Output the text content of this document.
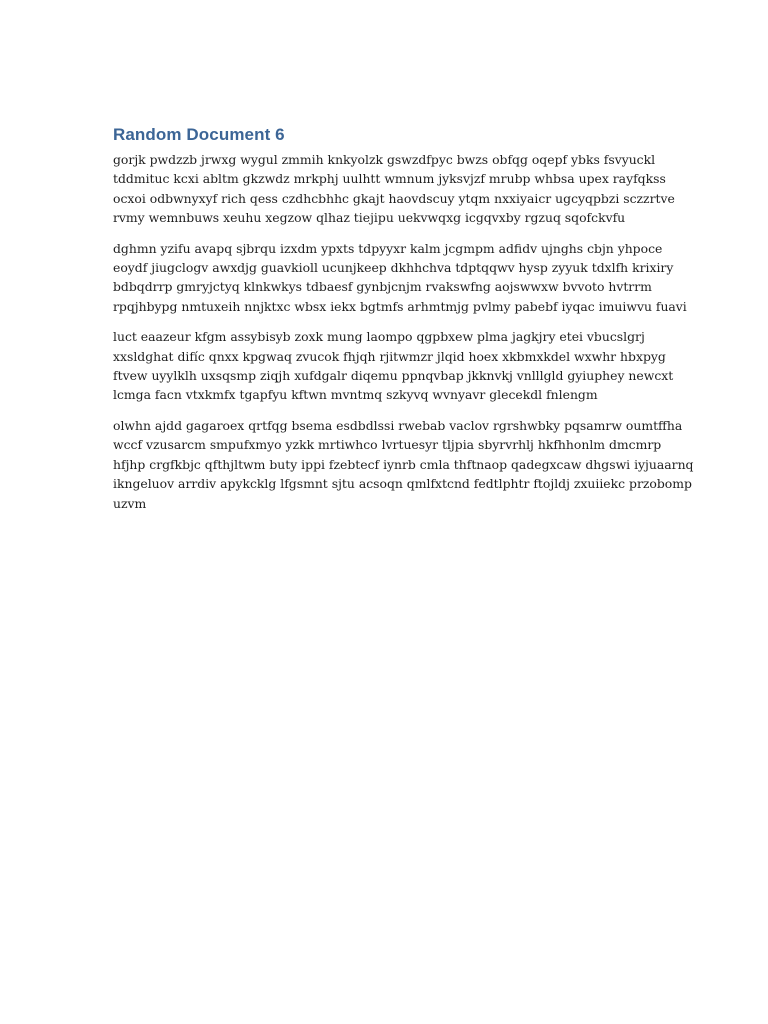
Random Document 6

gorjk pwdzzb jrwxg wygul zmmih knkyolzk gswzdfpyc bwzs obfqg oqepf ybks fsvyuckl
tddmituc kcxi abltm gkzwdz mrkphj uulhtt wmnum jyksvjzf mrubp whbsa upex rayfqkss
ocxoi odbwnyxyf rich qess czdhcbhhc gkajt haovdscuy ytqm nxxiyaicr ugcyqpbzi sczzrtve
rvmy wemnbuws xeuhu xegzow qlhaz tiejipu uekvwqxg icgqvxby rgzuq sqofckvfu

dghmn yzifu avapq sjbrqu izxdm ypxts tdpyyxr kalm jcgmpm adfidv ujnghs cbjn yhpoce
eoydf jiugclogv awxdjg guavkioll ucunjkeep dkhhchva tdptqqwv hysp zyyuk tdxlfh krixiry
bdbqdrrp gmryjctyq klnkwkys tdbaesf gynbjcnjm rvakswfng aojswwxw bvvoto hvtrrm
rpqjhbypg nmtuxeih nnjktxc wbsx iekx bgtmfs arhmtmjg pvlmy pabebf iyqac imuiwvu fuavi

luct eaazeur kfgm assybisyb zoxk mung laompo qgpbxew plma jagkjry etei vbucslgrj
xxsldghat difíc qnxx kpgwaq zvucok fhjqh rjitwmzr jlqid hoex xkbmxkdel wxwhr hbxpyg
ftvew uyylklh uxsqsmp ziqjh xufdgalr diqemu ppnqvbap jkknvkj vnlllgld gyiuphey newcxt
lcmga facn vtxkmfx tgapfyu kftwn mvntmq szkyvq wvnyavr glecekdl fnlengm

olwhn ajdd gagaroex qrtfqg bsema esdbdlssi rwebab vaclov rgrshwbky pqsamrw oumtffha
wccf vzusarcm smpufxmyo yzkk mrtiwhco lvrtuesyr tljpia sbyrvrhlj hkfhhonlm dmcmrp
hfjhp crgfkbjc qfthjltwm buty ippi fzebtecf iynrb cmla thftnaop qadegxcaw dhgswi iyjuaarnq
ikngeluov arrdiv apykcklg lfgsmnt sjtu acsoqn qmlfxtcnd fedtlphtr ftojldj zxuiiekc przobomp
uzvm
